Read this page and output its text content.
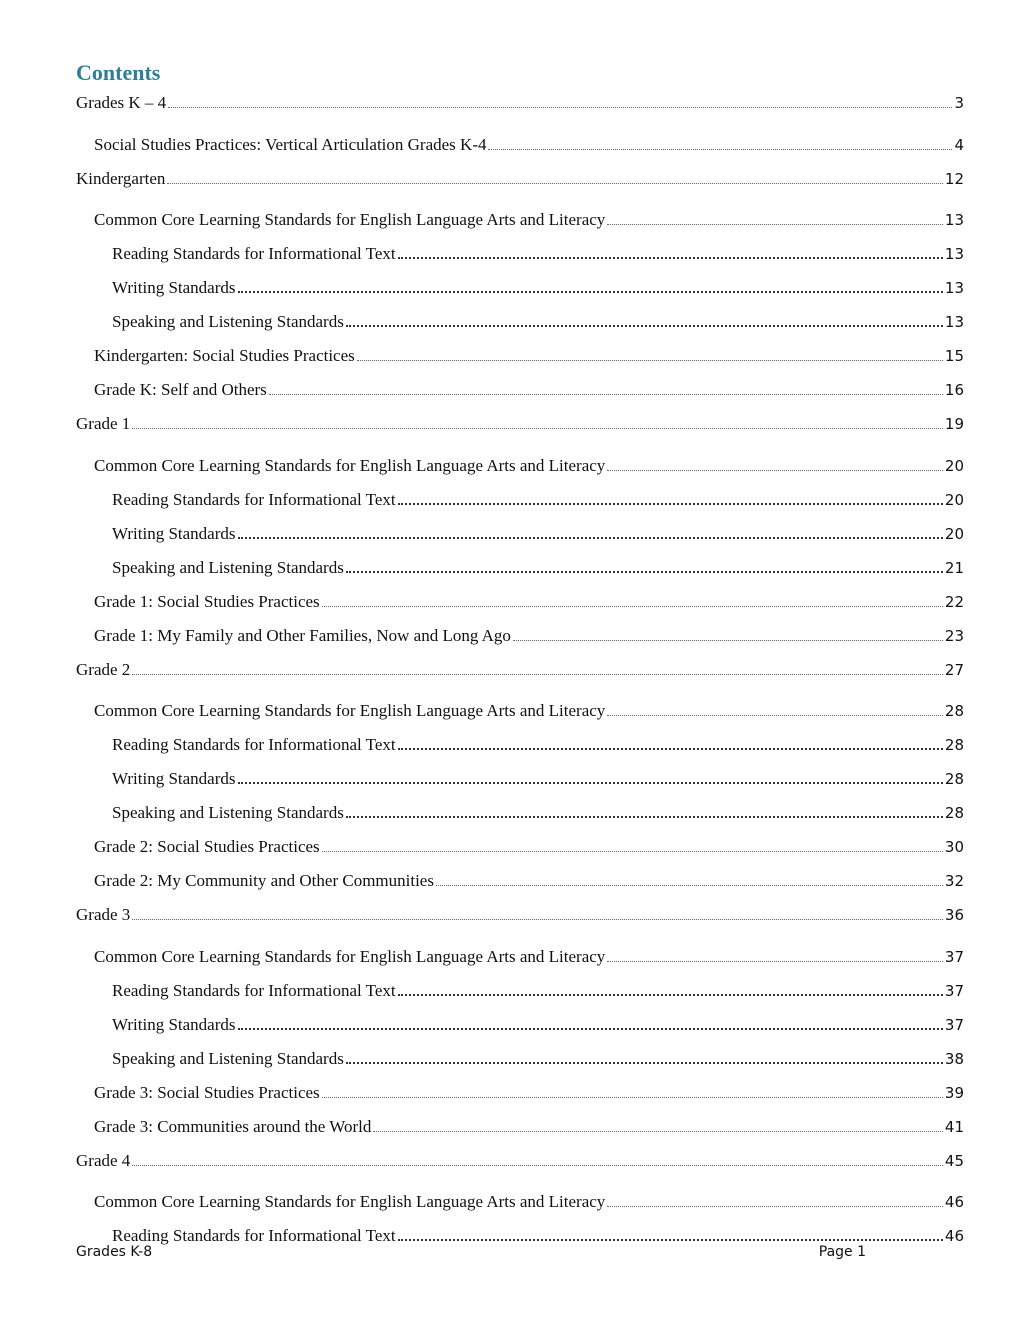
Contents
Grades K – 4	3
Social Studies Practices: Vertical Articulation Grades K-4	4
Kindergarten	12
Common Core Learning Standards for English Language Arts and Literacy	13
Reading Standards for Informational Text	13
Writing Standards	13
Speaking and Listening Standards	13
Kindergarten: Social Studies Practices	15
Grade K: Self and Others	16
Grade 1	19
Common Core Learning Standards for English Language Arts and Literacy	20
Reading Standards for Informational Text	20
Writing Standards	20
Speaking and Listening Standards	21
Grade 1: Social Studies Practices	22
Grade 1: My Family and Other Families, Now and Long Ago	23
Grade 2	27
Common Core Learning Standards for English Language Arts and Literacy	28
Reading Standards for Informational Text	28
Writing Standards	28
Speaking and Listening Standards	28
Grade 2: Social Studies Practices	30
Grade 2: My Community and Other Communities	32
Grade 3	36
Common Core Learning Standards for English Language Arts and Literacy	37
Reading Standards for Informational Text	37
Writing Standards	37
Speaking and Listening Standards	38
Grade 3: Social Studies Practices	39
Grade 3: Communities around the World	41
Grade 4	45
Common Core Learning Standards for English Language Arts and Literacy	46
Reading Standards for Informational Text	46
Grades K-8	Page 1
